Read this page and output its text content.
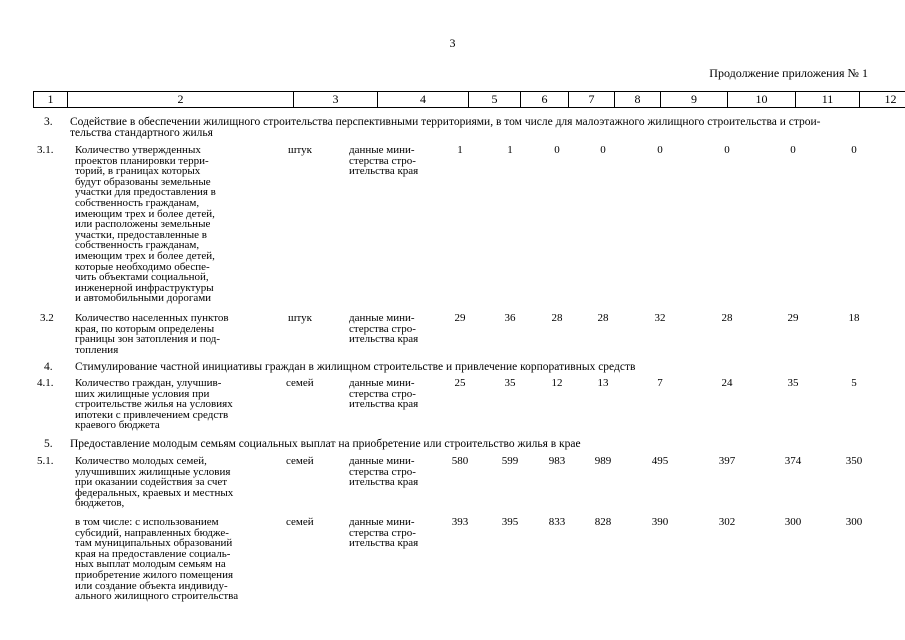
3
Продолжение приложения № 1
1	2	3	4	5	6	7	8	9	10	11	12
3. Содействие в обеспечении жилищного строительства перспективными территориями, в том числе для малоэтажного жилищного строительства и строи-
тельства стандартного жилья
3.1. Количество утвержденных
проектов планировки терри-
торий, в границах которых
будут образованы земельные
участки для предоставления в
собственность гражданам,
имеющим трех и более детей,
или расположены земельные
участки, предоставленные в
собственность гражданам,
имеющим трех и более детей,
которые необходимо обеспе-
чить объектами социальной,
инженерной инфраструктуры
и автомобильными дорогами
штук	данные мини-
стерства стро-
ительства края
1	1	0	0	0	0	0	0
3.2 Количество населенных пунктов
края, по которым определены
границы зон затопления и под-
топления
штук	данные мини-
стерства стро-
ительства края
29	36	28	28	32	28	29	18
4. Стимулирование частной инициативы граждан в жилищном строительстве и привлечение корпоративных средств
4.1. Количество граждан, улучшив-
ших жилищные условия при
строительстве жилья на условиях
ипотеки с привлечением средств
краевого бюджета
семей	данные мини-
стерства стро-
ительства края
25	35	12	13	7	24	35	5
5. Предоставление молодым семьям социальных выплат на приобретение или строительство жилья в крае
5.1. Количество молодых семей,
улучшивших жилищные условия
при оказании содействия за счет
федеральных, краевых и местных
бюджетов,
семей	данные мини-
стерства стро-
ительства края
580	599	983	989	495	397	374	350
в том числе: с использованием
субсидий, направленных бюдже-
там муниципальных образований
края на предоставление социаль-
ных выплат молодым семьям на
приобретение жилого помещения
или создание объекта индивиду-
ального жилищного строительства
семей	данные мини-
стерства стро-
ительства края
393	395	833	828	390	302	300	300
